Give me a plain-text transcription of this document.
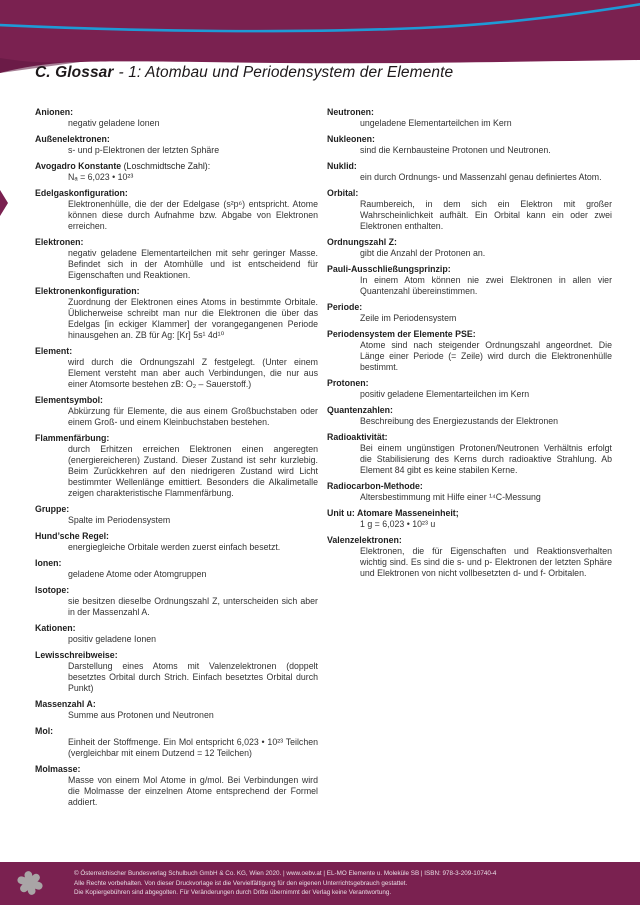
C. Glossar - 1: Atombau und Periodensystem der Elemente
Anionen:
negativ geladene Ionen
Außenelektronen:
s- und p-Elektronen der letzten Sphäre
Avogadro Konstante (Loschmidtsche Zahl):
Nₐ = 6,023 • 10²³
Edelgaskonfiguration:
Elektronenhülle, die der der Edelgase (s²p⁶) entspricht. Atome können diese durch Aufnahme bzw. Abgabe von Elektronen erreichen.
Elektronen:
negativ geladene Elementarteilchen mit sehr geringer Masse. Befindet sich in der Atomhülle und ist entscheidend für Eigenschaften und Reaktionen.
Elektronenkonfiguration:
Zuordnung der Elektronen eines Atoms in bestimmte Orbitale. Üblicherweise schreibt man nur die Elektronen die über das Edelgas [in eckiger Klammer] der vorangegangenen Periode hinausgehen an. ZB für Ag: [Kr] 5s¹ 4d¹⁰
Element:
wird durch die Ordnungszahl Z festgelegt. (Unter einem Element versteht man aber auch Verbindungen, die nur aus einer Atomsorte bestehen zB: O₂ – Sauerstoff.)
Elementsymbol:
Abkürzung für Elemente, die aus einem Großbuchstaben oder einem Groß- und einem Kleinbuchstaben bestehen.
Flammenfärbung:
durch Erhitzen erreichen Elektronen einen angeregten (energiereicheren) Zustand. Dieser Zustand ist sehr kurzlebig. Beim Zurückkehren auf den niedrigeren Zustand wird Licht bestimmter Wellenlänge emittiert. Besonders die Alkalimetalle zeigen charakteristische Flammenfärbung.
Gruppe:
Spalte im Periodensystem
Hund’sche Regel:
energiegleiche Orbitale werden zuerst einfach besetzt.
Ionen:
geladene Atome oder Atomgruppen
Isotope:
sie besitzen dieselbe Ordnungszahl Z, unterscheiden sich aber in der Massenzahl A.
Kationen:
positiv geladene Ionen
Lewisschreibweise:
Darstellung eines Atoms mit Valenzelektronen (doppelt besetztes Orbital durch Strich. Einfach besetztes Orbital durch Punkt)
Massenzahl A:
Summe aus Protonen und Neutronen
Mol:
Einheit der Stoffmenge. Ein Mol entspricht 6,023 • 10²³ Teilchen (vergleichbar mit einem Dutzend = 12 Teilchen)
Molmasse:
Masse von einem Mol Atome in g/mol. Bei Verbindungen wird die Molmasse der einzelnen Atome entsprechend der Formel addiert.
Neutronen:
ungeladene Elementarteilchen im Kern
Nukleonen:
sind die Kernbausteine Protonen und Neutronen.
Nuklid:
ein durch Ordnungs- und Massenzahl genau definiertes Atom.
Orbital:
Raumbereich, in dem sich ein Elektron mit großer Wahrscheinlichkeit aufhält. Ein Orbital kann ein oder zwei Elektronen enthalten.
Ordnungszahl Z:
gibt die Anzahl der Protonen an.
Pauli-Ausschließungsprinzip:
In einem Atom können nie zwei Elektronen in allen vier Quantenzahl übereinstimmen.
Periode:
Zeile im Periodensystem
Periodensystem der Elemente PSE:
Atome sind nach steigender Ordnungszahl angeordnet. Die Länge einer Periode (= Zeile) wird durch die Elektronenhülle bestimmt.
Protonen:
positiv geladene Elementarteilchen im Kern
Quantenzahlen:
Beschreibung des Energiezustands der Elektronen
Radioaktivität:
Bei einem ungünstigen Protonen/Neutronen Verhältnis erfolgt die Stabilisierung des Kerns durch radioaktive Strahlung. Ab Element 84 gibt es keine stabilen Kerne.
Radiocarbon-Methode:
Altersbestimmung mit Hilfe einer ¹⁴C-Messung
Unit u: Atomare Masseneinheit;
1 g = 6,023 • 10²³ u
Valenzelektronen:
Elektronen, die für Eigenschaften und Reaktionsverhalten wichtig sind. Es sind die s- und p- Elektronen der letzten Sphäre und Elektronen von nicht vollbesetzten d- und f- Orbitalen.
© Österreichischer Bundesverlag Schulbuch GmbH & Co. KG, Wien 2020. | www.oebv.at | EL-MO Elemente u. Moleküle SB | ISBN: 978-3-209-10740-4
Alle Rechte vorbehalten. Von dieser Druckvorlage ist die Vervielfältigung für den eigenen Unterrichtsgebrauch gestattet.
Die Kopiergebühren sind abgegolten. Für Veränderungen durch Dritte übernimmt der Verlag keine Verantwortung.
